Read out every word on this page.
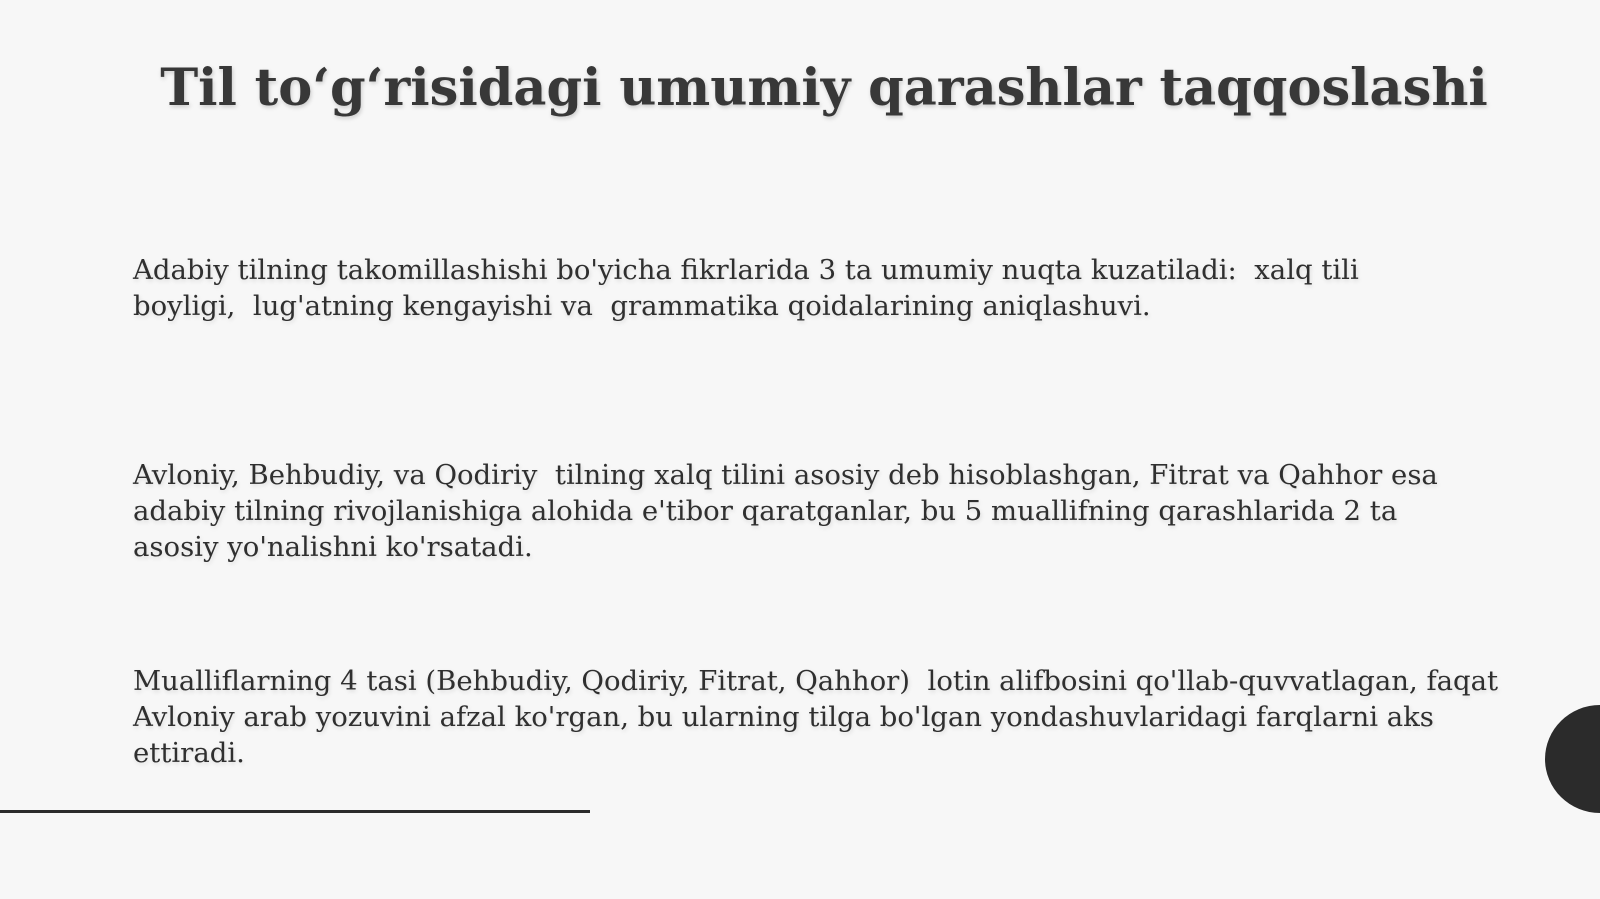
Til to‘g‘risidagi umumiy qarashlar taqqoslashi
Adabiy tilning takomillashishi bo'yicha fikrlarida 3 ta umumiy nuqta kuzatiladi:  xalq tili
boyligi,  lug'atning kengayishi va  grammatika qoidalarining aniqlashuvi.
Avloniy, Behbudiy, va Qodiriy  tilning xalq tilini asosiy deb hisoblashgan, Fitrat va Qahhor esa
adabiy tilning rivojlanishiga alohida e'tibor qaratganlar, bu 5 muallifning qarashlarida 2 ta
asosiy yo'nalishni ko'rsatadi.
Mualliflarning 4 tasi (Behbudiy, Qodiriy, Fitrat, Qahhor)  lotin alifbosini qo'llab-quvvatlagan, faqat
Avloniy arab yozuvini afzal ko'rgan, bu ularning tilga bo'lgan yondashuvlaridagi farqlarni aks
ettiradi.
